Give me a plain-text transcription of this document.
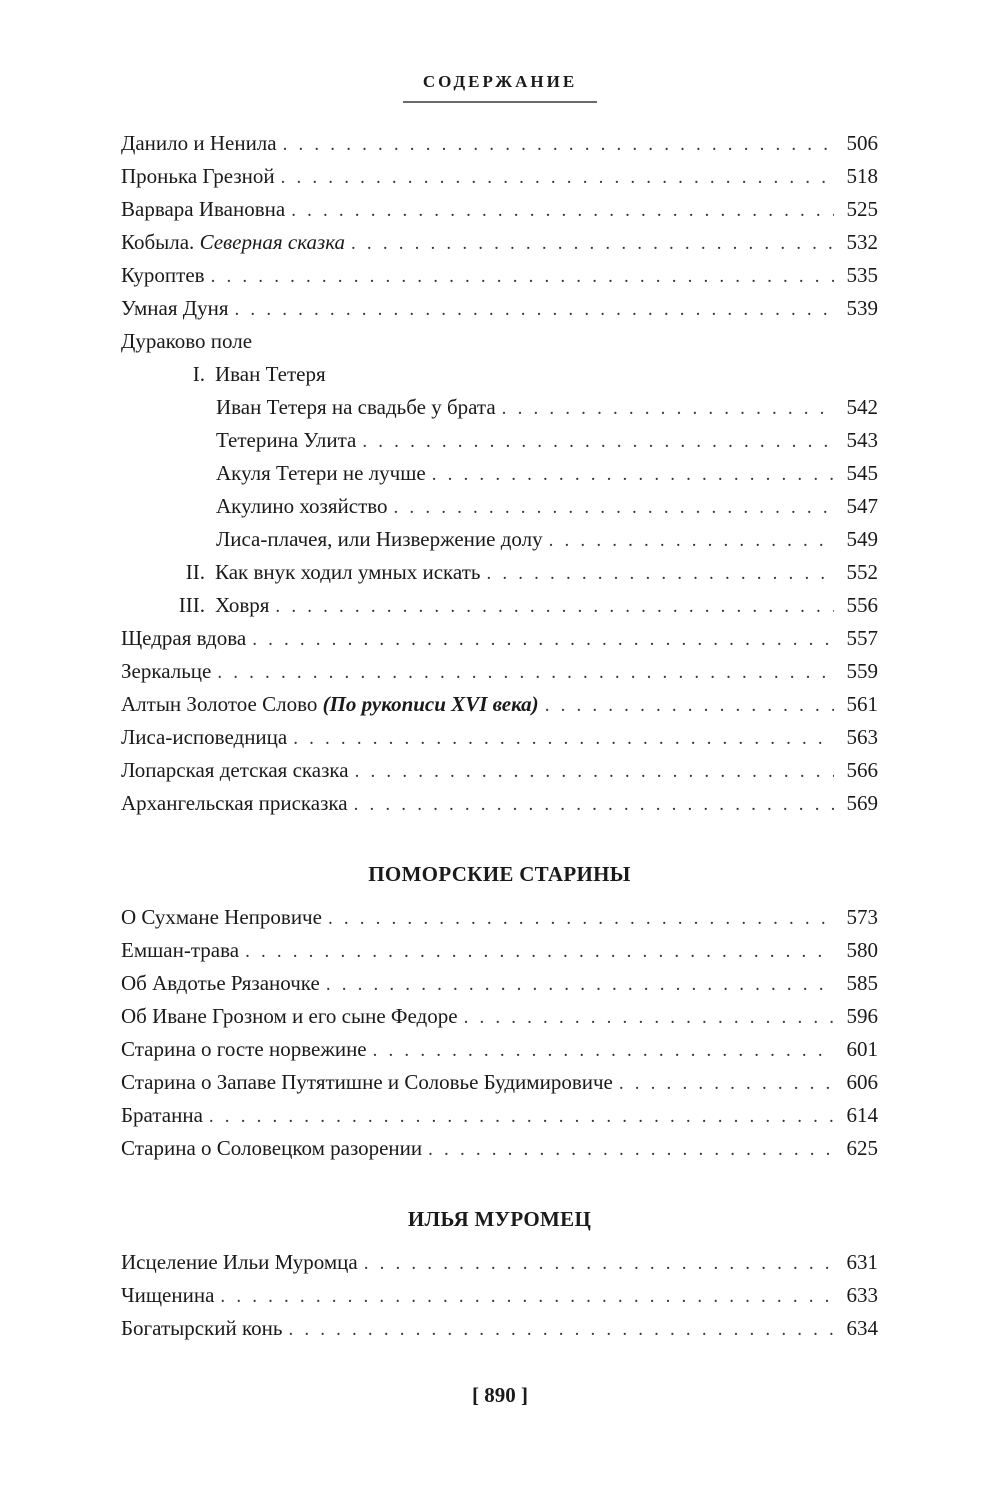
СОДЕРЖАНИЕ
Данило и Ненила . . .	506
Пронька Грезной . . .	518
Варвара Ивановна . . .	525
Кобыла. Северная сказка . . .	532
Куроптев . . .	535
Умная Дуня . . .	539
Дураково поле
I. Иван Тетеря
Иван Тетеря на свадьбе у брата . . .	542
Тетерина Улита . . .	543
Акуля Тетери не лучше . . .	545
Акулино хозяйство . . .	547
Лиса-плачея, или Низвержение долу . . .	549
II. Как внук ходил умных искать . . .	552
III. Ховря . . .	556
Щедрая вдова . . .	557
Зеркальце . . .	559
Алтын Золотое Слово (По рукописи XVI века) . . .	561
Лиса-исповедница . . .	563
Лопарская детская сказка . . .	566
Архангельская присказка . . .	569
ПОМОРСКИЕ СТАРИНЫ
О Сухмане Непровиче . . .	573
Емшан-трава . . .	580
Об Авдотье Рязаночке . . .	585
Об Иване Грозном и его сыне Федоре . . .	596
Старина о госте норвежине . . .	601
Старина о Запаве Путятишне и Соловье Будимировиче . . .	606
Братанна . . .	614
Старина о Соловецком разорении . . .	625
ИЛЬЯ МУРОМЕЦ
Исцеление Ильи Муромца . . .	631
Чищенина . . .	633
Богатырский конь . . .	634
[ 890 ]
